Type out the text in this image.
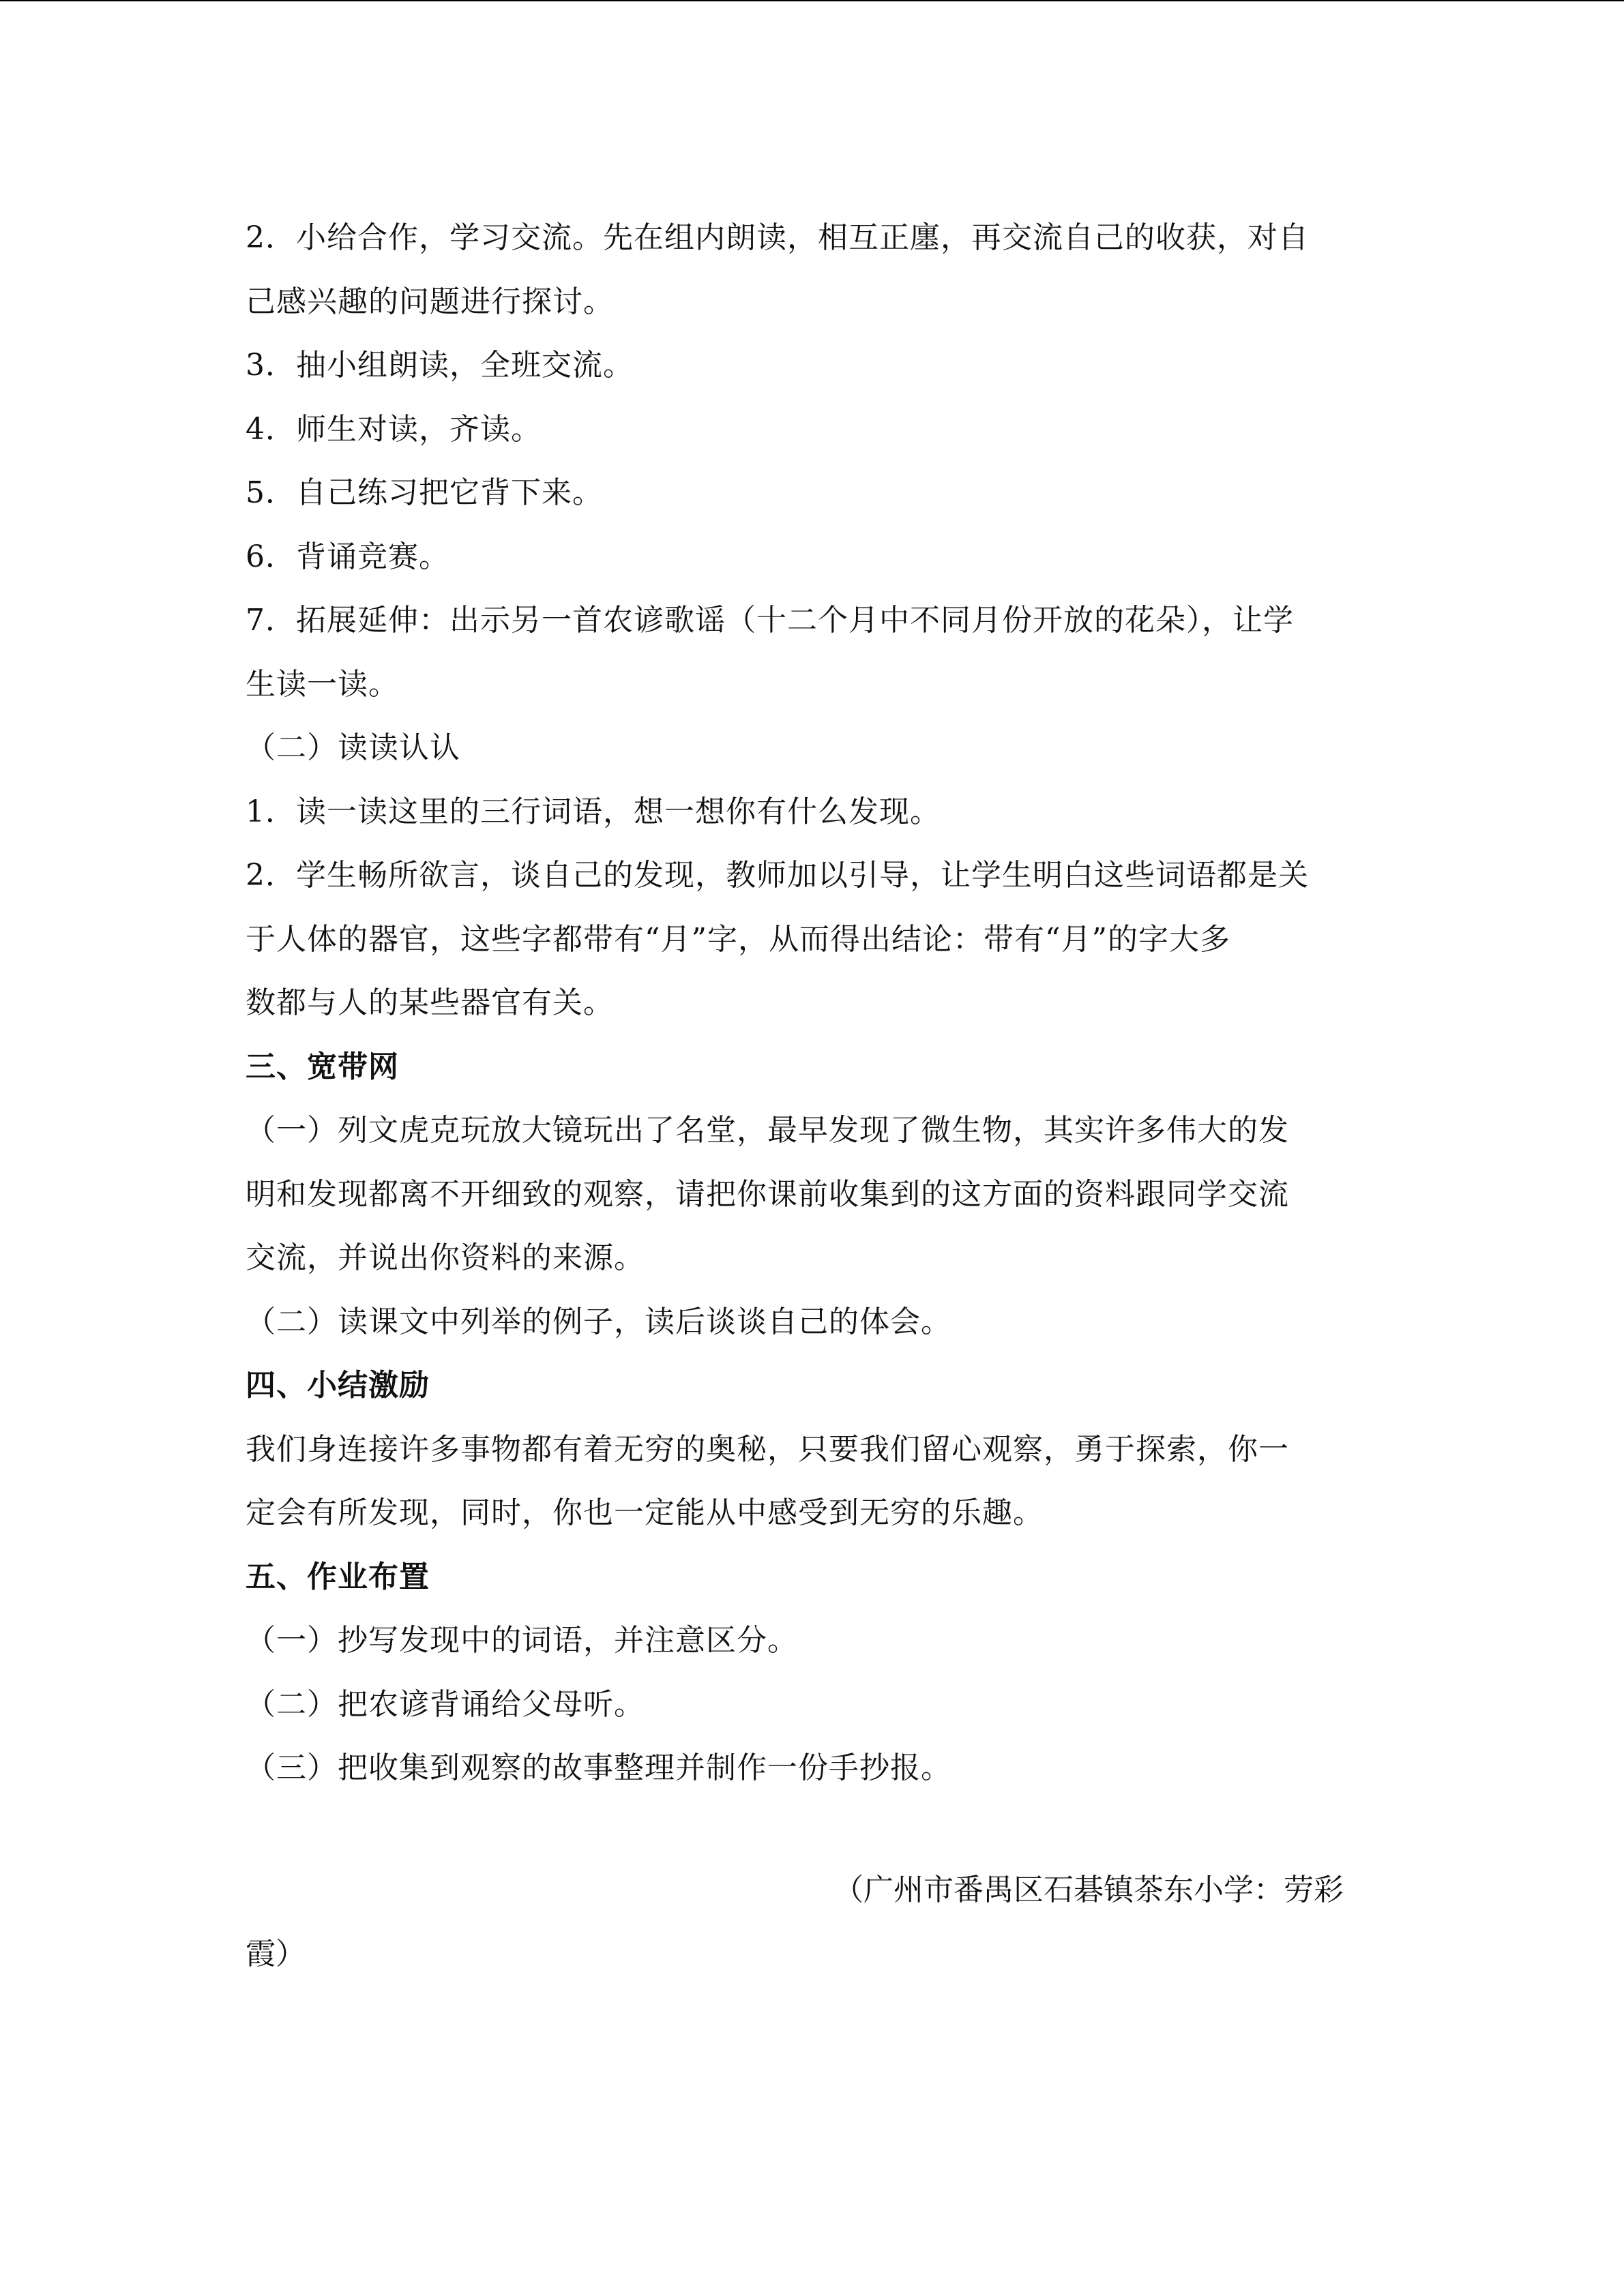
2．小给合作，学习交流。先在组内朗读，相互正廛，再交流自己的收获，对自
己感兴趣的问题进行探讨。
3．抽小组朗读，全班交流。
4．师生对读，齐读。
5．自己练习把它背下来。
6．背诵竞赛。
7．拓展延伸：出示另一首农谚歌谣（十二个月中不同月份开放的花朵），让学
生读一读。
（二）读读认认
1．读一读这里的三行词语，想一想你有什么发现。
2．学生畅所欲言，谈自己的发现，教师加以引导，让学生明白这些词语都是关
于人体的器官，这些字都带有“月”字，从而得出结论：带有“月”的字大多
数都与人的某些器官有关。
三、宽带网
（一）列文虎克玩放大镜玩出了名堂，最早发现了微生物，其实许多伟大的发
明和发现都离不开细致的观察，请把你课前收集到的这方面的资料跟同学交流
交流，并说出你资料的来源。
（二）读课文中列举的例子，读后谈谈自己的体会。
四、小结激励
我们身连接许多事物都有着无穷的奥秘，只要我们留心观察，勇于探索，你一
定会有所发现，同时，你也一定能从中感受到无穷的乐趣。
五、作业布置
（一）抄写发现中的词语，并注意区分。
（二）把农谚背诵给父母听。
（三）把收集到观察的故事整理并制作一份手抄报。
（广州市番禺区石碁镇茶东小学：劳彩
霞）
